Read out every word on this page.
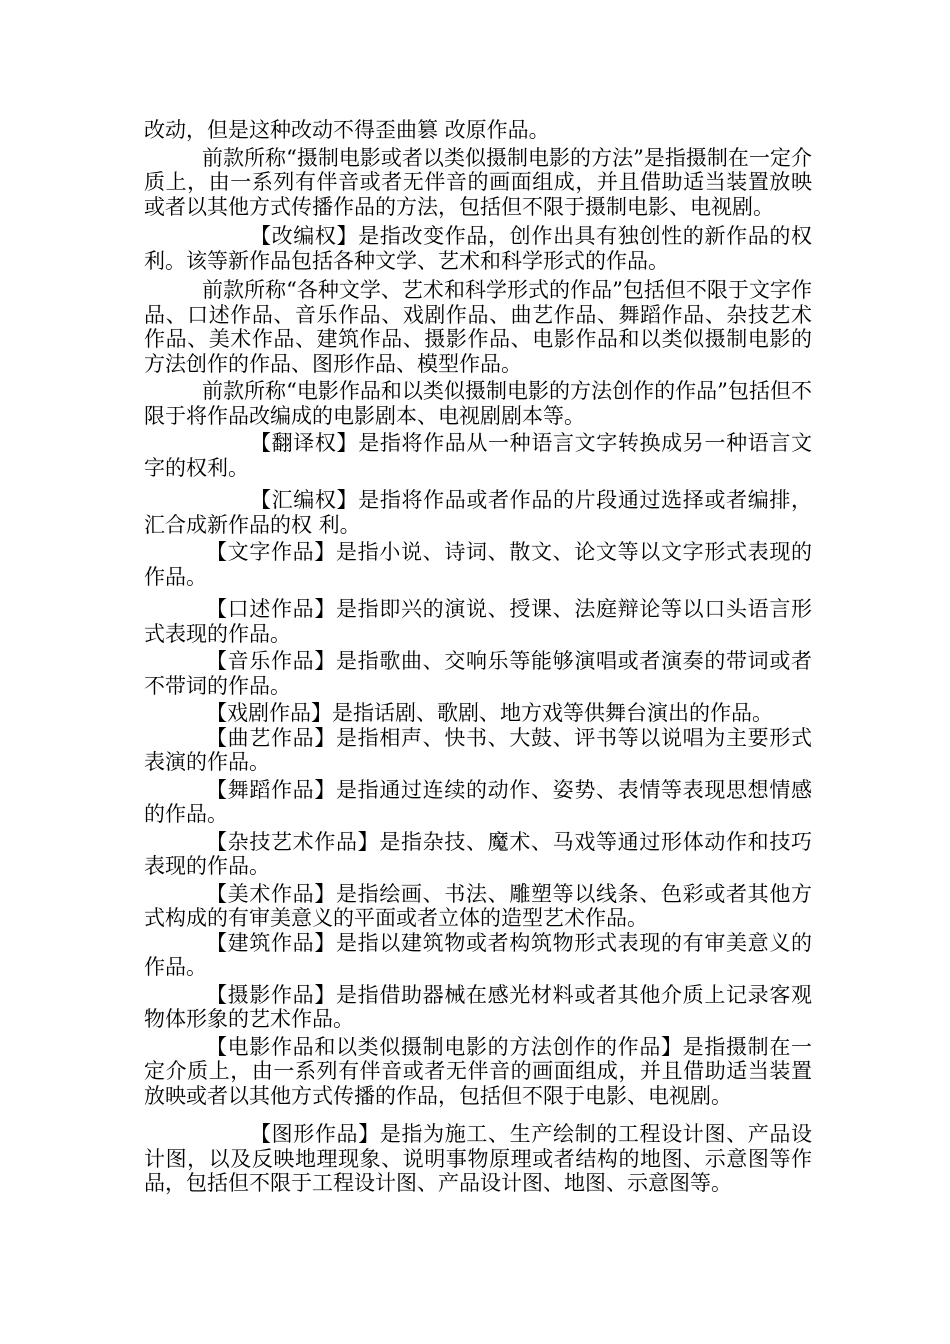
改动，但是这种改动不得歪曲篡 改原作品。

前款所称“摄制电影或者以类似摄制电影的方法”是指摄制在一定介质上，由一系列有伴音或者无伴音的画面组成，并且借助适当装置放映或者以其他方式传播作品的方法，包括但不限于摄制电影、电视剧。

【改编权】是指改变作品，创作出具有独创性的新作品的权利。该等新作品包括各种文学、艺术和科学形式的作品。

前款所称“各种文学、艺术和科学形式的作品”包括但不限于文字作品、口述作品、音乐作品、戏剧作品、曲艺作品、舞蹈作品、杂技艺术作品、美术作品、建筑作品、摄影作品、电影作品和以类似摄制电影的方法创作的作品、图形作品、模型作品。

前款所称“电影作品和以类似摄制电影的方法创作的作品”包括但不限于将作品改编成的电影剧本、电视剧剧本等。

【翻译权】是指将作品从一种语言文字转换成另一种语言文字的权利。

【汇编权】是指将作品或者作品的片段通过选择或者编排，汇合成新作品的权 利。

【文字作品】是指小说、诗词、散文、论文等以文字形式表现的作品。

【口述作品】是指即兴的演说、授课、法庭辩论等以口头语言形式表现的作品。

【音乐作品】是指歌曲、交响乐等能够演唱或者演奏的带词或者不带词的作品。

【戏剧作品】是指话剧、歌剧、地方戏等供舞台演出的作品。

【曲艺作品】是指相声、快书、大鼓、评书等以说唱为主要形式表演的作品。

【舞蹈作品】是指通过连续的动作、姿势、表情等表现思想情感的作品。

【杂技艺术作品】是指杂技、魔术、马戏等通过形体动作和技巧表现的作品。

【美术作品】是指绘画、书法、雕塑等以线条、色彩或者其他方式构成的有审美意义的平面或者立体的造型艺术作品。

【建筑作品】是指以建筑物或者构筑物形式表现的有审美意义的作品。

【摄影作品】是指借助器械在感光材料或者其他介质上记录客观物体形象的艺术作品。

【电影作品和以类似摄制电影的方法创作的作品】是指摄制在一定介质上，由一系列有伴音或者无伴音的画面组成，并且借助适当装置放映或者以其他方式传播的作品，包括但不限于电影、电视剧。

【图形作品】是指为施工、生产绘制的工程设计图、产品设计图，以及反映地理现象、说明事物原理或者结构的地图、示意图等作品，包括但不限于工程设计图、产品设计图、地图、示意图等。
